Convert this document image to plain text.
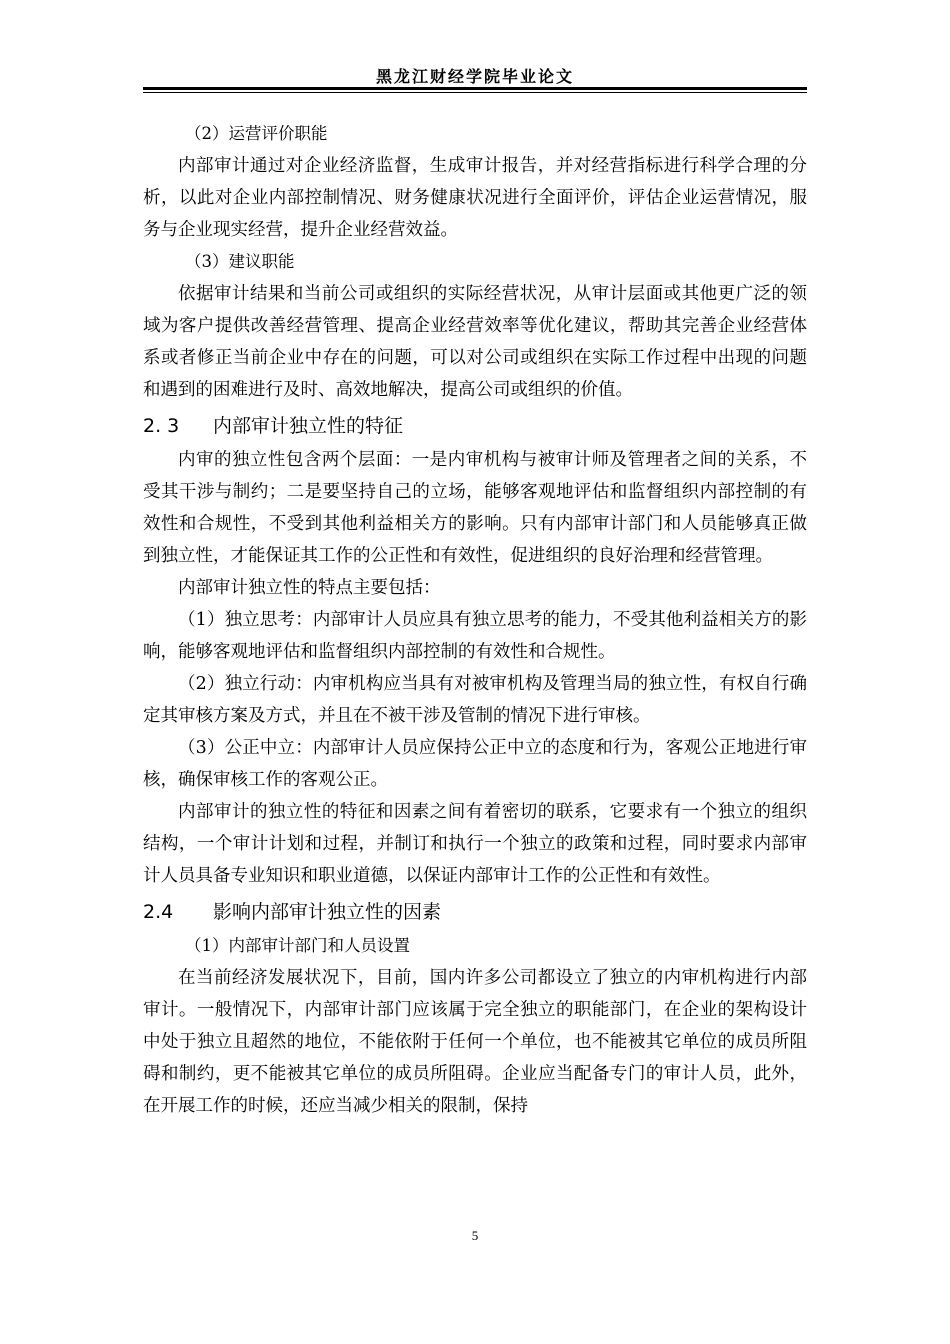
黑龙江财经学院毕业论文

（2）运营评价职能

内部审计通过对企业经济监督，生成审计报告，并对经营指标进行科学合理的分析，以此对企业内部控制情况、财务健康状况进行全面评价，评估企业运营情况，服务与企业现实经营，提升企业经营效益。

（3）建议职能

依据审计结果和当前公司或组织的实际经营状况，从审计层面或其他更广泛的领域为客户提供改善经营管理、提高企业经营效率等优化建议，帮助其完善企业经营体系或者修正当前企业中存在的问题，可以对公司或组织在实际工作过程中出现的问题和遇到的困难进行及时、高效地解决，提高公司或组织的价值。

2. 3	内部审计独立性的特征

内审的独立性包含两个层面：一是内审机构与被审计师及管理者之间的关系，不受其干涉与制约；二是要坚持自己的立场，能够客观地评估和监督组织内部控制的有效性和合规性，不受到其他利益相关方的影响。只有内部审计部门和人员能够真正做到独立性，才能保证其工作的公正性和有效性，促进组织的良好治理和经营管理。

内部审计独立性的特点主要包括：

（1）独立思考：内部审计人员应具有独立思考的能力，不受其他利益相关方的影响，能够客观地评估和监督组织内部控制的有效性和合规性。

（2）独立行动：内审机构应当具有对被审机构及管理当局的独立性，有权自行确定其审核方案及方式，并且在不被干涉及管制的情况下进行审核。

（3）公正中立：内部审计人员应保持公正中立的态度和行为，客观公正地进行审核，确保审核工作的客观公正。

内部审计的独立性的特征和因素之间有着密切的联系，它要求有一个独立的组织结构，一个审计计划和过程，并制订和执行一个独立的政策和过程，同时要求内部审计人员具备专业知识和职业道德，以保证内部审计工作的公正性和有效性。

2.4	影响内部审计独立性的因素

（1）内部审计部门和人员设置

在当前经济发展状况下，目前，国内许多公司都设立了独立的内审机构进行内部审计。一般情况下，内部审计部门应该属于完全独立的职能部门，在企业的架构设计中处于独立且超然的地位，不能依附于任何一个单位，也不能被其它单位的成员所阻碍和制约，更不能被其它单位的成员所阻碍。企业应当配备专门的审计人员，此外，在开展工作的时候，还应当减少相关的限制，保持

5
